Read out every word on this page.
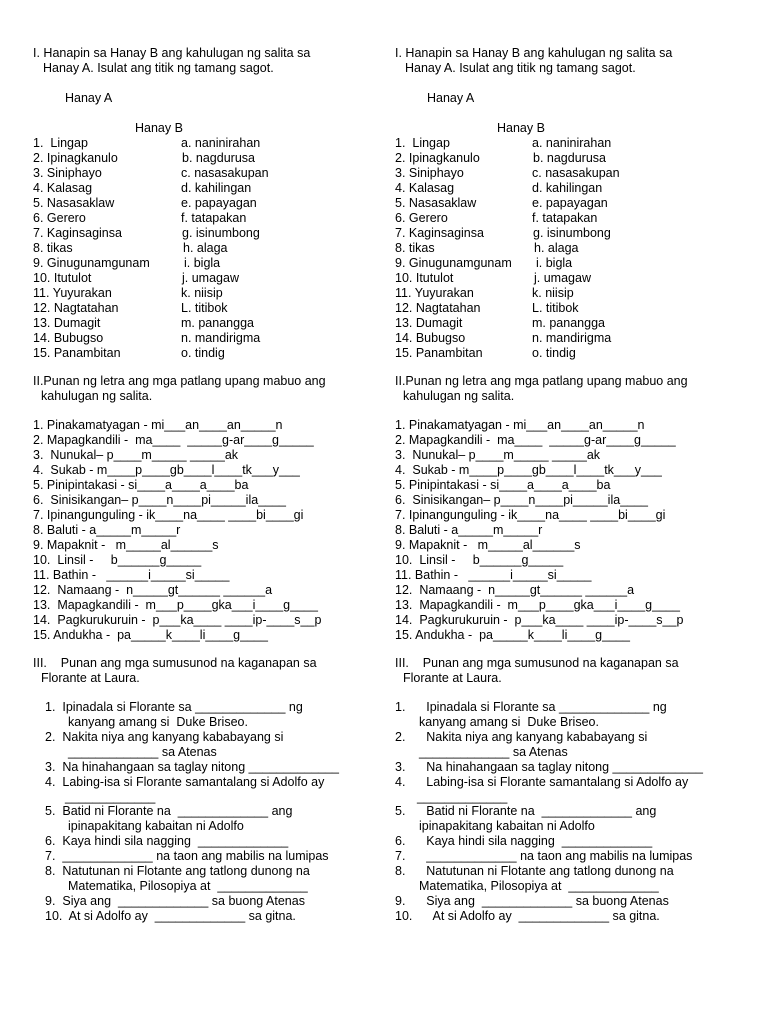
I. Hanapin sa Hanay B ang kahulugan ng salita sa
Hanay A. Isulat ang titik ng tamang sagot.
Hanay A
Hanay B
1.  Lingap	a. naninirahan
2. Ipinagkanulo	b. nagdurusa
3. Siniphayo	c. nasasakupan
4. Kalasag	d. kahilingan
5. Nasasaklaw	e. papayagan
6. Gerero	f. tatapakan
7. Kaginsaginsa	g. isinumbong
8. tikas	h. alaga
9. Ginugunamgunam	i. bigla
10. Itutulot	j. umagaw
11. Yuyurakan	k. niisip
12. Nagtatahan	L. titibok
13. Dumagit	m. panangga
14. Bubugso	n. mandirigma
15. Panambitan	o. tindig
II.Punan ng letra ang mga patlang upang mabuo ang
kahulugan ng salita.
1. Pinakamatyagan - mi___an____an_____n
2. Mapagkandili -  ma____  _____g-ar____g_____
3.  Nunukal– p____m_____ _____ak
4.  Sukab - m____p____gb____l____tk___y___
5. Pinipintakasi - si____a____a____ba
6.  Sinisikangan– p____n____pi_____ila____
7. Ipinangunguling - ik____na____ ____bi____gi
8. Baluti - a_____m_____r
9. Mapaknit -   m_____al______s
10.  Linsil -     b______g_____
11. Bathin -   ______i_____si_____
12.  Namaang -  n_____gt______ ______a
13.  Mapagkandili -  m___p____gka___i____g____
14.  Pagkurukuruin -  p___ka____ ____ip-____s__p
15. Andukha -  pa_____k____li____g____
III.    Punan ang mga sumusunod na kaganapan sa
Florante at Laura.
1.  Ipinadala si Florante sa _____________ ng
kanyang amang si  Duke Briseo.
2.  Nakita niya ang kanyang kababayang si
_____________ sa Atenas
3.  Na hinahangaan sa taglay nitong _____________
4.  Labing-isa si Florante samantalang si Adolfo ay
_____________
5.  Batid ni Florante na  _____________ ang
ipinapakitang kabaitan ni Adolfo
6.  Kaya hindi sila nagging  _____________
7.  _____________ na taon ang mabilis na lumipas
8.  Natutunan ni Flotante ang tatlong dunong na
Matematika, Pilosopiya at  _____________
9.  Siya ang  _____________ sa buong Atenas
10.  At si Adolfo ay  _____________ sa gitna.
I. Hanapin sa Hanay B ang kahulugan ng salita sa
Hanay A. Isulat ang titik ng tamang sagot.
Hanay A
Hanay B
1.  Lingap	a. naninirahan
2. Ipinagkanulo	b. nagdurusa
3. Siniphayo	c. nasasakupan
4. Kalasag	d. kahilingan
5. Nasasaklaw	e. papayagan
6. Gerero	f. tatapakan
7. Kaginsaginsa	g. isinumbong
8. tikas	h. alaga
9. Ginugunamgunam i. bigla
10. Itutulot	j. umagaw
11. Yuyurakan	k. niisip
12. Nagtatahan	L. titibok
13. Dumagit	m. panangga
14. Bubugso	n. mandirigma
15. Panambitan	o. tindig
II.Punan ng letra ang mga patlang upang mabuo ang
kahulugan ng salita.
1. Pinakamatyagan - mi___an____an_____n
2. Mapagkandili -  ma____  _____g-ar____g_____
3.  Nunukal– p____m_____ _____ak
4.  Sukab - m____p____gb____l____tk___y___
5. Pinipintakasi - si____a____a____ba
6.  Sinisikangan– p____n____pi_____ila____
7. Ipinangunguling - ik____na____ ____bi____gi
8. Baluti - a_____m_____r
9. Mapaknit -   m_____al______s
10.  Linsil -     b______g_____
11. Bathin -   ______i_____si_____
12.  Namaang -  n_____gt______ ______a
13.  Mapagkandili -  m___p____gka___i____g____
14.  Pagkurukuruin -  p___ka____ ____ip-____s__p
15. Andukha -  pa_____k____li____g____
III.    Punan ang mga sumusunod na kaganapan sa
Florante at Laura.
1.      Ipinadala si Florante sa _____________ ng
kanyang amang si  Duke Briseo.
2.      Nakita niya ang kanyang kababayang si
_____________ sa Atenas
3.      Na hinahangaan sa taglay nitong _____________
4.      Labing-isa si Florante samantalang si Adolfo ay
_____________
5.      Batid ni Florante na  _____________ ang
ipinapakitang kabaitan ni Adolfo
6.      Kaya hindi sila nagging  _____________
7.      _____________ na taon ang mabilis na lumipas
8.      Natutunan ni Flotante ang tatlong dunong na
Matematika, Pilosopiya at  _____________
9.      Siya ang  _____________ sa buong Atenas
10.      At si Adolfo ay  _____________ sa gitna.
